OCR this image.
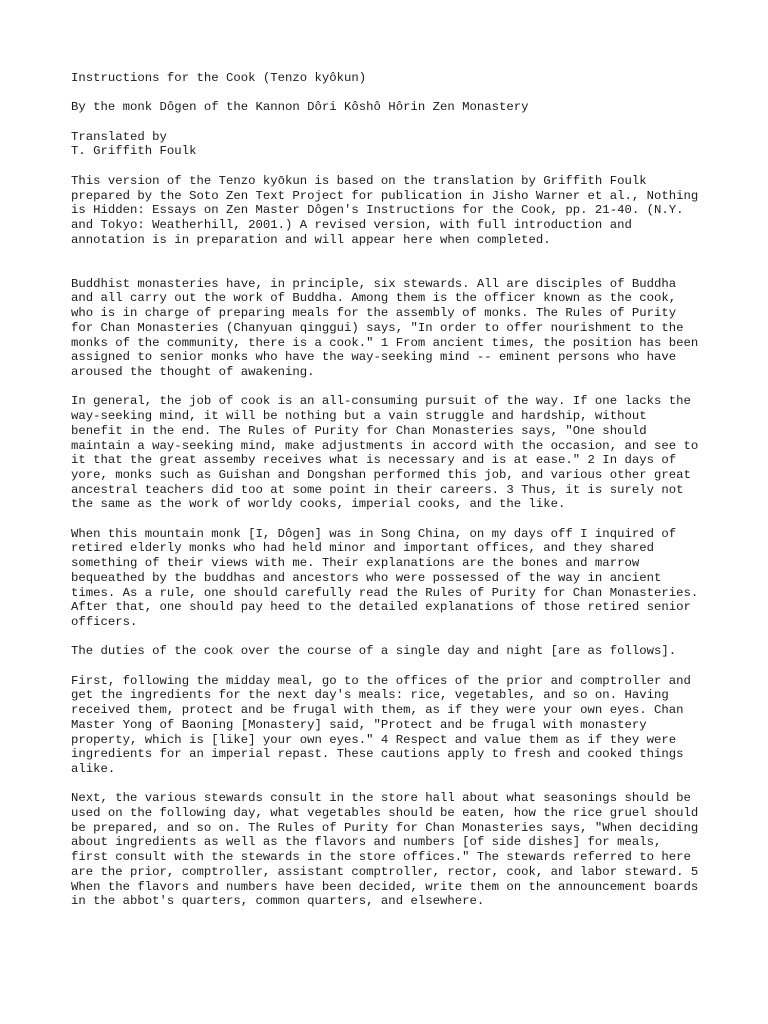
Instructions for the Cook (Tenzo kyôkun)

By the monk Dôgen of the Kannon Dôri Kôshô Hôrin Zen Monastery

Translated by
T. Griffith Foulk

This version of the Tenzo kyōkun is based on the translation by Griffith Foulk prepared by the Soto Zen Text Project for publication in Jisho Warner et al., Nothing is Hidden: Essays on Zen Master Dôgen's Instructions for the Cook, pp. 21-40. (N.Y. and Tokyo: Weatherhill, 2001.) A revised version, with full introduction and annotation is in preparation and will appear here when completed.

Buddhist monasteries have, in principle, six stewards. All are disciples of Buddha and all carry out the work of Buddha. Among them is the officer known as the cook, who is in charge of preparing meals for the assembly of monks. The Rules of Purity for Chan Monasteries (Chanyuan qinggui) says, "In order to offer nourishment to the monks of the community, there is a cook." 1 From ancient times, the position has been assigned to senior monks who have the way-seeking mind -- eminent persons who have aroused the thought of awakening.

In general, the job of cook is an all-consuming pursuit of the way. If one lacks the way-seeking mind, it will be nothing but a vain struggle and hardship, without benefit in the end. The Rules of Purity for Chan Monasteries says, "One should maintain a way-seeking mind, make adjustments in accord with the occasion, and see to it that the great assemby receives what is necessary and is at ease." 2 In days of yore, monks such as Guishan and Dongshan performed this job, and various other great ancestral teachers did too at some point in their careers. 3 Thus, it is surely not the same as the work of worldy cooks, imperial cooks, and the like.

When this mountain monk [I, Dôgen] was in Song China, on my days off I inquired of retired elderly monks who had held minor and important offices, and they shared something of their views with me. Their explanations are the bones and marrow bequeathed by the buddhas and ancestors who were possessed of the way in ancient times. As a rule, one should carefully read the Rules of Purity for Chan Monasteries. After that, one should pay heed to the detailed explanations of those retired senior officers.

The duties of the cook over the course of a single day and night [are as follows].

First, following the midday meal, go to the offices of the prior and comptroller and get the ingredients for the next day's meals: rice, vegetables, and so on. Having received them, protect and be frugal with them, as if they were your own eyes. Chan Master Yong of Baoning [Monastery] said, "Protect and be frugal with monastery property, which is [like] your own eyes." 4 Respect and value them as if they were ingredients for an imperial repast. These cautions apply to fresh and cooked things alike.

Next, the various stewards consult in the store hall about what seasonings should be used on the following day, what vegetables should be eaten, how the rice gruel should be prepared, and so on. The Rules of Purity for Chan Monasteries says, "When deciding about ingredients as well as the flavors and numbers [of side dishes] for meals, first consult with the stewards in the store offices." The stewards referred to here are the prior, comptroller, assistant comptroller, rector, cook, and labor steward. 5 When the flavors and numbers have been decided, write them on the announcement boards in the abbot's quarters, common quarters, and elsewhere.
